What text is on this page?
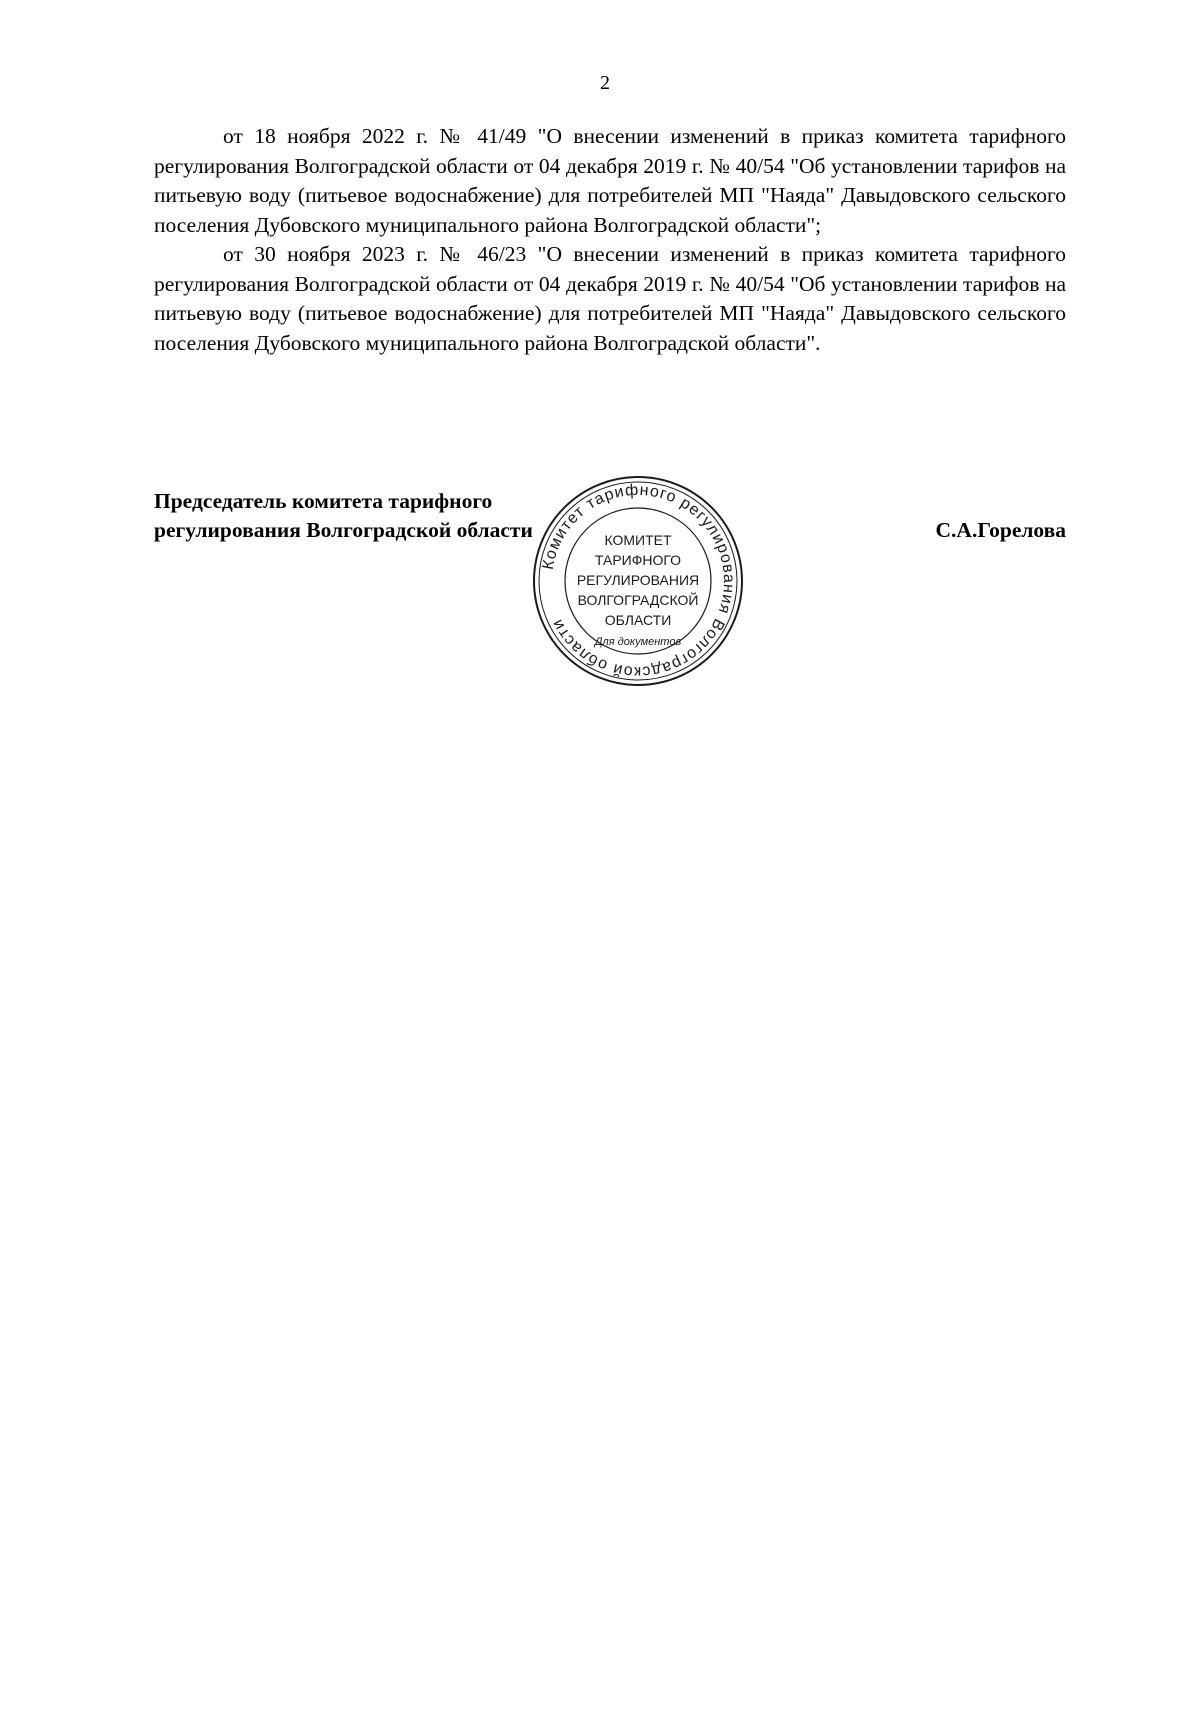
2

от 18 ноября 2022 г. № 41/49 "О внесении изменений в приказ комитета тарифного регулирования Волгоградской области от 04 декабря 2019 г. № 40/54 "Об установлении тарифов на питьевую воду (питьевое водоснабжение) для потребителей МП "Наяда" Давыдовского сельского поселения Дубовского муниципального района Волгоградской области";

от 30 ноября 2023 г. № 46/23 "О внесении изменений в приказ комитета тарифного регулирования Волгоградской области от 04 декабря 2019 г. № 40/54 "Об установлении тарифов на питьевую воду (питьевое водоснабжение) для потребителей МП "Наяда" Давыдовского сельского поселения Дубовского муниципального района Волгоградской области".

Председатель комитета тарифного
регулирования Волгоградской области	С.А.Горелова
Комитет тарифного регулирования Волгоградской области
КОМИТЕТ
ТАРИФНОГО
РЕГУЛИРОВАНИЯ
ВОЛГОГРАДСКОЙ
ОБЛАСТИ
Для документов
